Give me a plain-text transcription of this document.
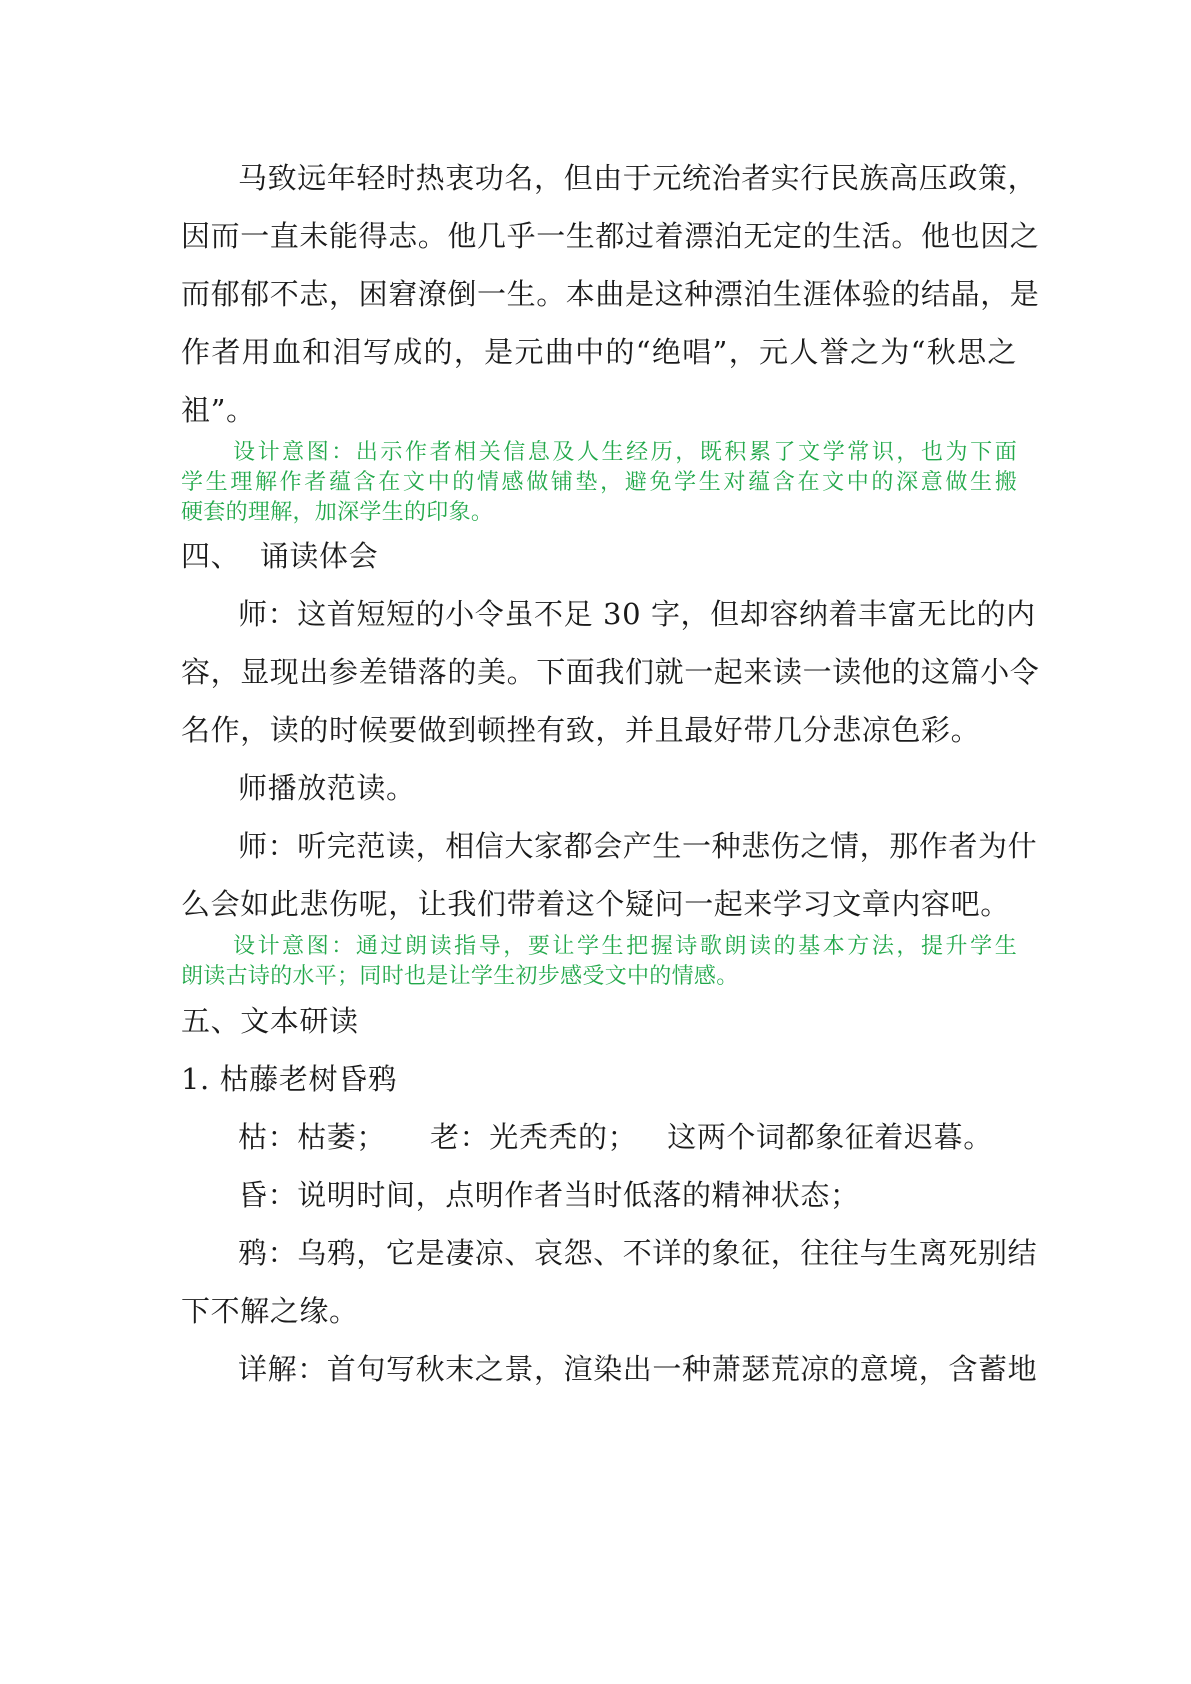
马致远年轻时热衷功名，但由于元统治者实行民族高压政策，
因而一直未能得志。他几乎一生都过着漂泊无定的生活。他也因之
而郁郁不志，困窘潦倒一生。本曲是这种漂泊生涯体验的结晶，是
作者用血和泪写成的，是元曲中的“绝唱”，元人誉之为“秋思之
祖”。
设计意图：出示作者相关信息及人生经历，既积累了文学常识，也为下面
学生理解作者蕴含在文中的情感做铺垫，避免学生对蕴含在文中的深意做生搬
硬套的理解，加深学生的印象。
四、  诵读体会
师：这首短短的小令虽不足 30 字，但却容纳着丰富无比的内
容，显现出参差错落的美。下面我们就一起来读一读他的这篇小令
名作，读的时候要做到顿挫有致，并且最好带几分悲凉色彩。
师播放范读。
师：听完范读，相信大家都会产生一种悲伤之情，那作者为什
么会如此悲伤呢，让我们带着这个疑问一起来学习文章内容吧。
设计意图：通过朗读指导，要让学生把握诗歌朗读的基本方法，提升学生
朗读古诗的水平；同时也是让学生初步感受文中的情感。
五、文本研读
1. 枯藤老树昏鸦
枯：枯萎； 老：光秃秃的； 这两个词都象征着迟暮。
昏：说明时间，点明作者当时低落的精神状态；
鸦：乌鸦，它是凄凉、哀怨、不详的象征，往往与生离死别结
下不解之缘。
详解：首句写秋末之景，渲染出一种萧瑟荒凉的意境，含蓄地
